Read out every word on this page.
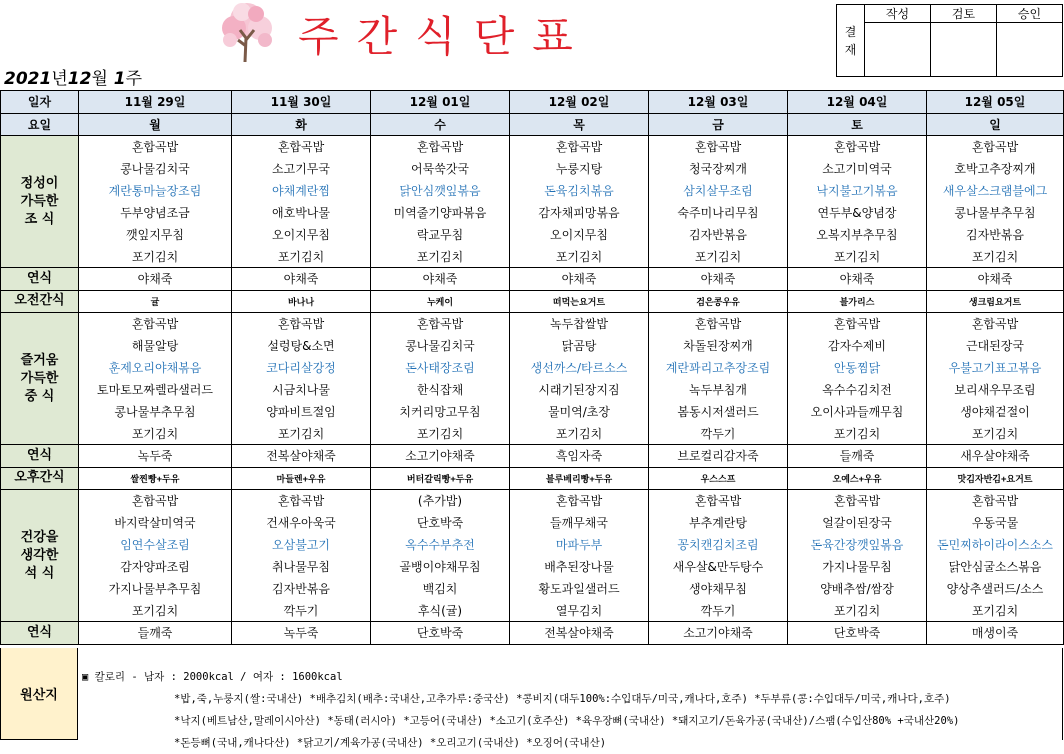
주간식단표
2021년12월 1주
결
재	작성	검토	승인

일자	11월 29일	11월 30일	12월 01일	12월 02일	12월 03일	12월 04일	12월 05일
요일	월	화	수	목	금	토	일

정성이
가득한
조 식	혼합곡밥	혼합곡밥	혼합곡밥	혼합곡밥	혼합곡밥	혼합곡밥	혼합곡밥
	콩나물김치국	소고기무국	어묵쑥갓국	누룽지탕	청국장찌개	소고기미역국	호박고추장찌개
	계란통마늘장조림	야채계란찜	닭안심깻잎볶음	돈육김치볶음	삼치살무조림	낙지불고기볶음	새우살스크램블에그
	두부양념조금	애호박나물	미역줄기양파볶음	감자채피망볶음	숙주미나리무침	연두부&양념장	콩나물부추무침
	깻잎지무침	오이지무침	락교무침	오이지무침	김자반볶음	오복지부추무침	김자반볶음
	포기김치	포기김치	포기김치	포기김치	포기김치	포기김치	포기김치
연식	야채죽	야채죽	야채죽	야채죽	야채죽	야채죽	야채죽
오전간식	귤	바나나	누케이	떠먹는요거트	검은콩우유	블가리스	생크림요거트

즐거움
가득한
중 식	혼합곡밥	혼합곡밥	혼합곡밥	녹두찹쌀밥	혼합곡밥	혼합곡밥	혼합곡밥
	해물알탕	설렁탕&소면	콩나물김치국	닭곰탕	차돌된장찌개	감자수제비	근대된장국
	훈제오리야채볶음	코다리살강정	돈사태장조림	생선까스/타르소스	계란꽈리고추장조림	안동찜닭	우불고기표고볶음
	토마토모짜렐라샐러드	시금치나물	한식잡채	시래기된장지짐	녹두부침개	옥수수김치전	보리새우무조림
	콩나물부추무침	양파비트절임	치커리망고무침	물미역/초장	봄동시저샐러드	오이사과들깨무침	생야채겉절이
	포기김치	포기김치	포기김치	포기김치	깍두기	포기김치	포기김치
연식	녹두죽	전복살야채죽	소고기야채죽	흑임자죽	브로컬리감자죽	들깨죽	새우살야채죽
오후간식	쌀찐빵+두유	마들렌+우유	버터갈릭빵+두유	블루베리빵+두유	우스스프	오예스+우유	맛김자반김+요거트

건강을
생각한
석 식	혼합곡밥	혼합곡밥	(추가밥)	혼합곡밥	혼합곡밥	혼합곡밥	혼합곡밥
	바지락살미역국	건새우아욱국	단호박죽	들깨무채국	부추계란탕	얼갈이된장국	우동국물
	임연수살조림	오삼불고기	옥수수부추전	마파두부	꽁치캔김치조림	돈육간장깻잎볶음	돈민찌하이라이스소스
	감자양파조림	취나물무침	골뱅이야채무침	배추된장나물	새우살&만두탕수	가지나물무침	닭안심굴소스볶음
	가지나물부추무침	김자반볶음	백김치	황도과일샐러드	생야채무침	양배추쌈/쌈장	양상추샐러드/소스
	포기김치	깍두기	후식(귤)	열무김치	깍두기	포기김치	포기김치
연식	들깨죽	녹두죽	단호박죽	전복살야채죽	소고기야채죽	단호박죽	매생이죽
원산지
▣ 칼로리 - 남자 : 2000kcal / 여자 : 1600kcal
*밥,죽,누룽지(쌀:국내산) *배추김치(배추:국내산,고추가루:중국산) *콩비지(대두100%:수입대두/미국,캐나다,호주) *두부류(콩:수입대두/미국,캐나다,호주)
*낙지(베트남산,말레이시아산) *동태(러시아) *고등어(국내산) *소고기(호주산) *육우장뼈(국내산) *돼지고기/돈육가공(국내산)/스팸(수입산80% +국내산20%)
*돈등뼈(국내,캐나다산) *닭고기/계육가공(국내산) *오리고기(국내산) *오징어(국내산)
